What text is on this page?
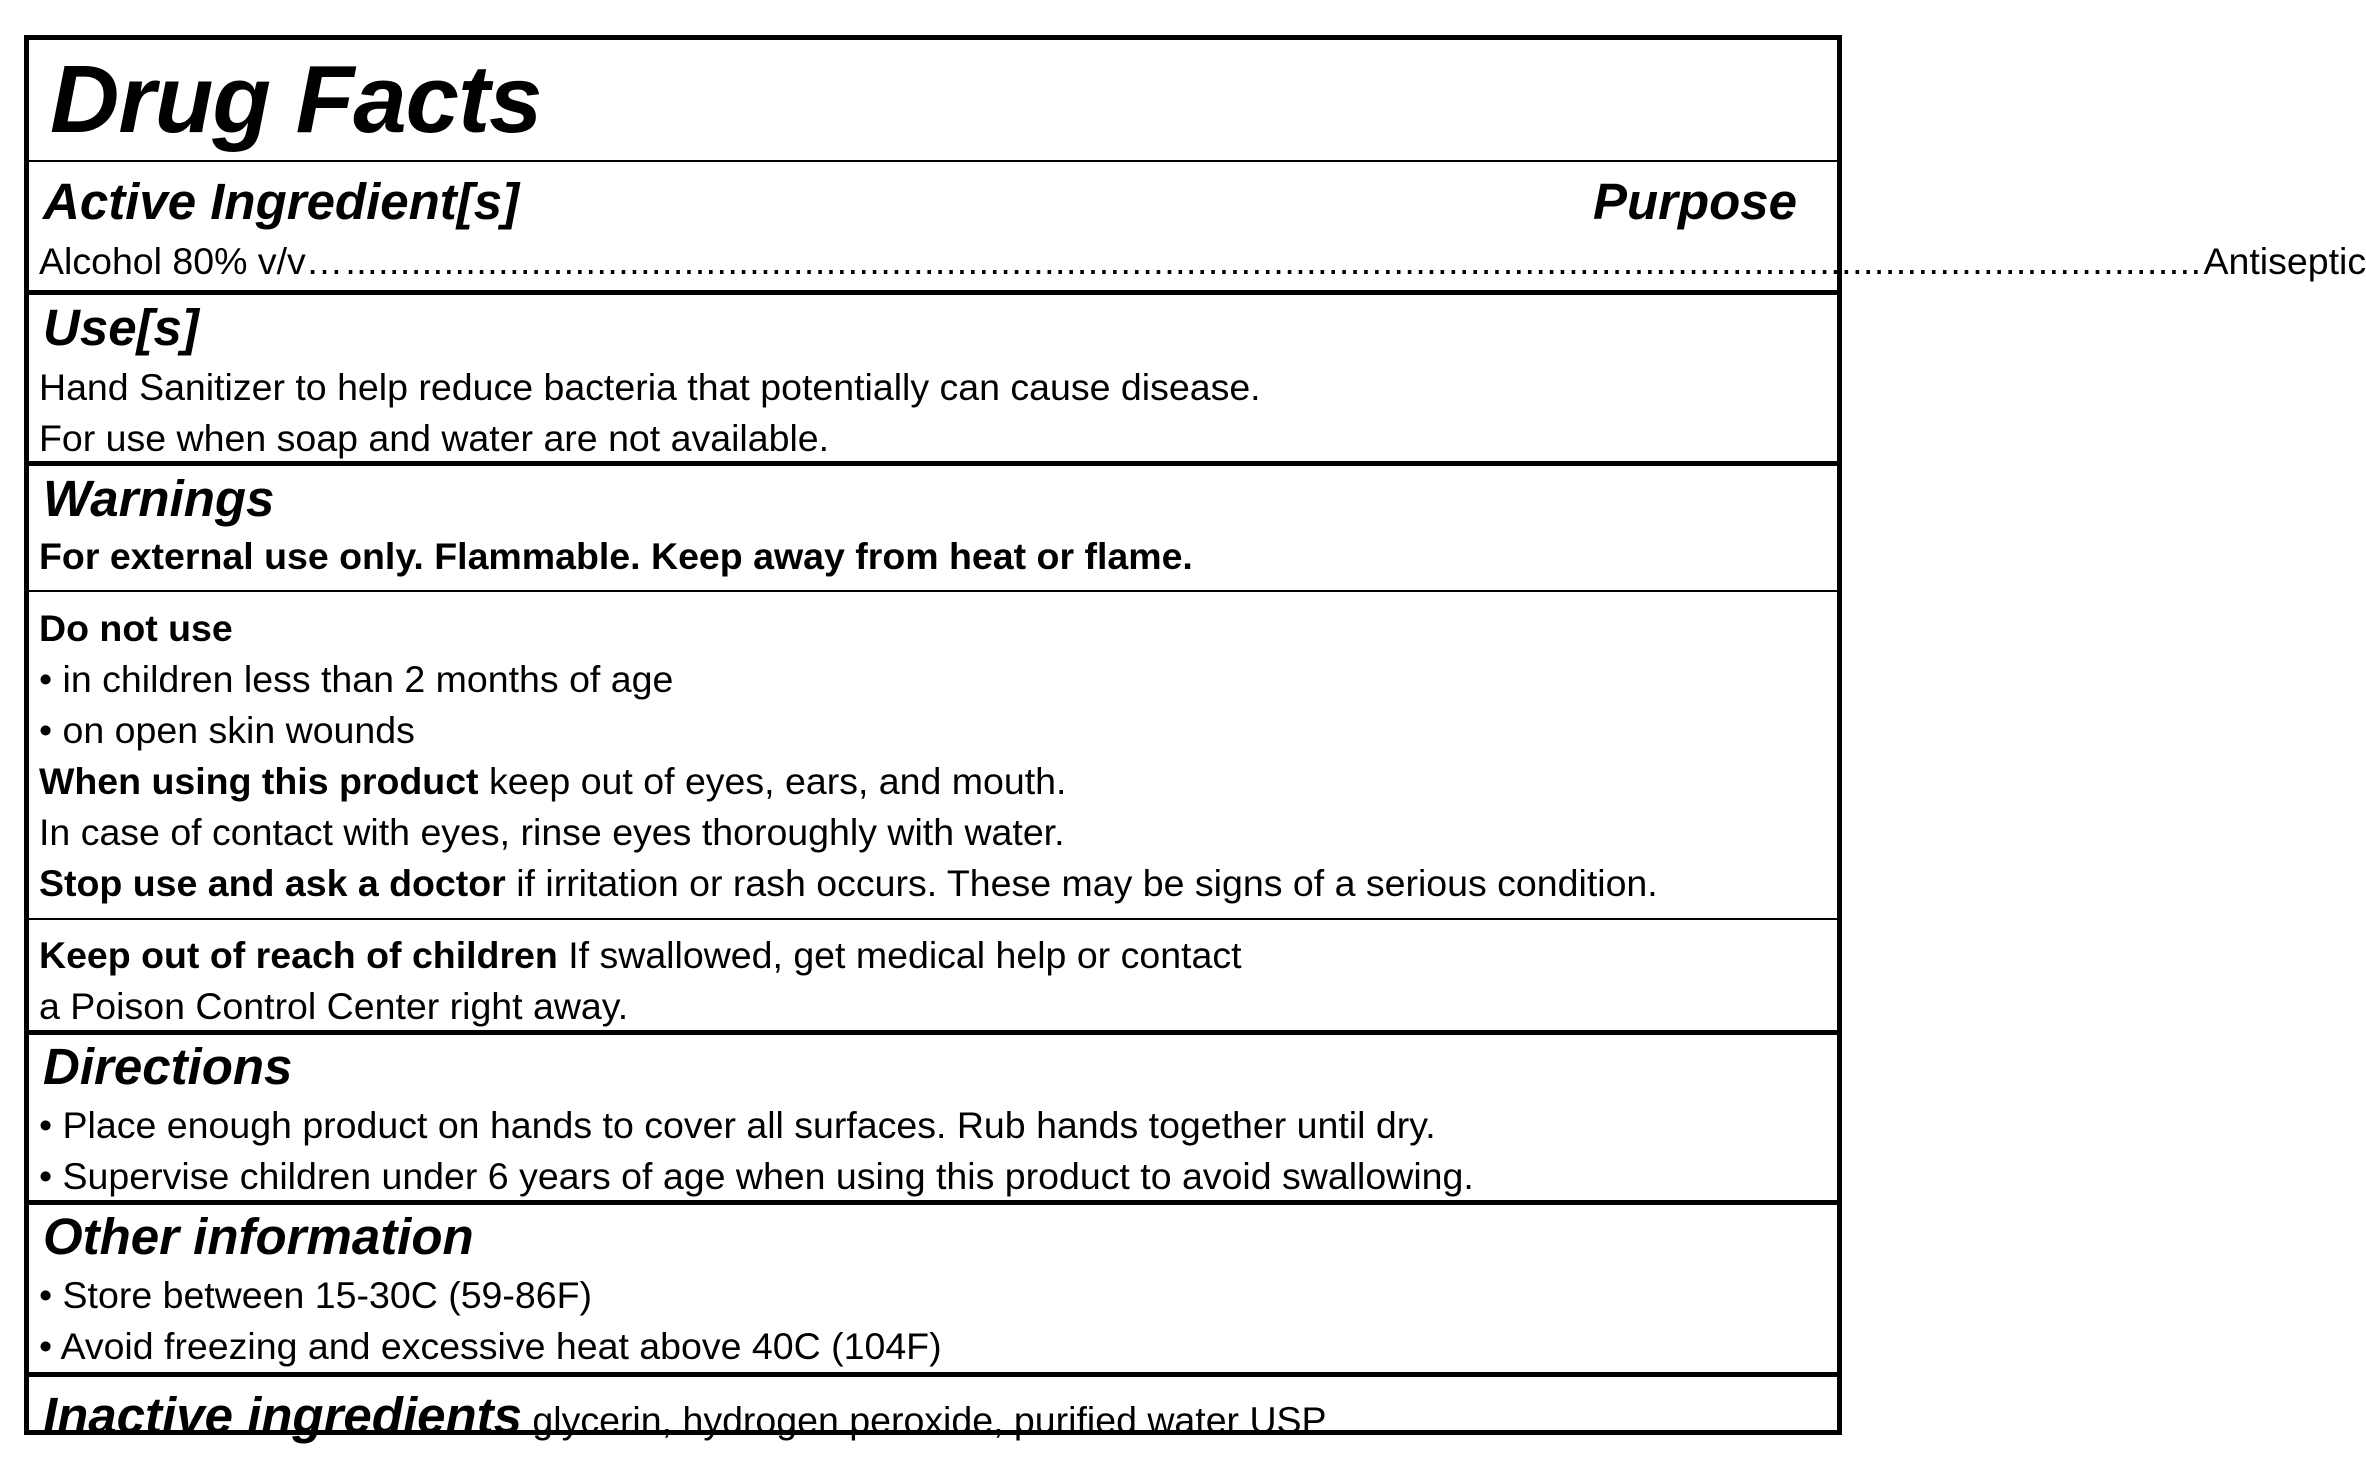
Drug Facts
Active Ingredient[s]	Purpose
Alcohol 80% v/v… .......................................................................................................................................................................... Antiseptic
Use[s]
Hand Sanitizer to help reduce bacteria that potentially can cause disease.
For use when soap and water are not available.
Warnings
For external use only. Flammable. Keep away from heat or flame.
Do not use
• in children less than 2 months of age
• on open skin wounds
When using this product keep out of eyes, ears, and mouth.
In case of contact with eyes, rinse eyes thoroughly with water.
Stop use and ask a doctor if irritation or rash occurs. These may be signs of a serious condition.
Keep out of reach of children If swallowed, get medical help or contact
a Poison Control Center right away.
Directions
• Place enough product on hands to cover all surfaces. Rub hands together until dry.
• Supervise children under 6 years of age when using this product to avoid swallowing.
Other information
• Store between 15-30C (59-86F)
• Avoid freezing and excessive heat above 40C (104F)
Inactive ingredients glycerin, hydrogen peroxide, purified water USP
